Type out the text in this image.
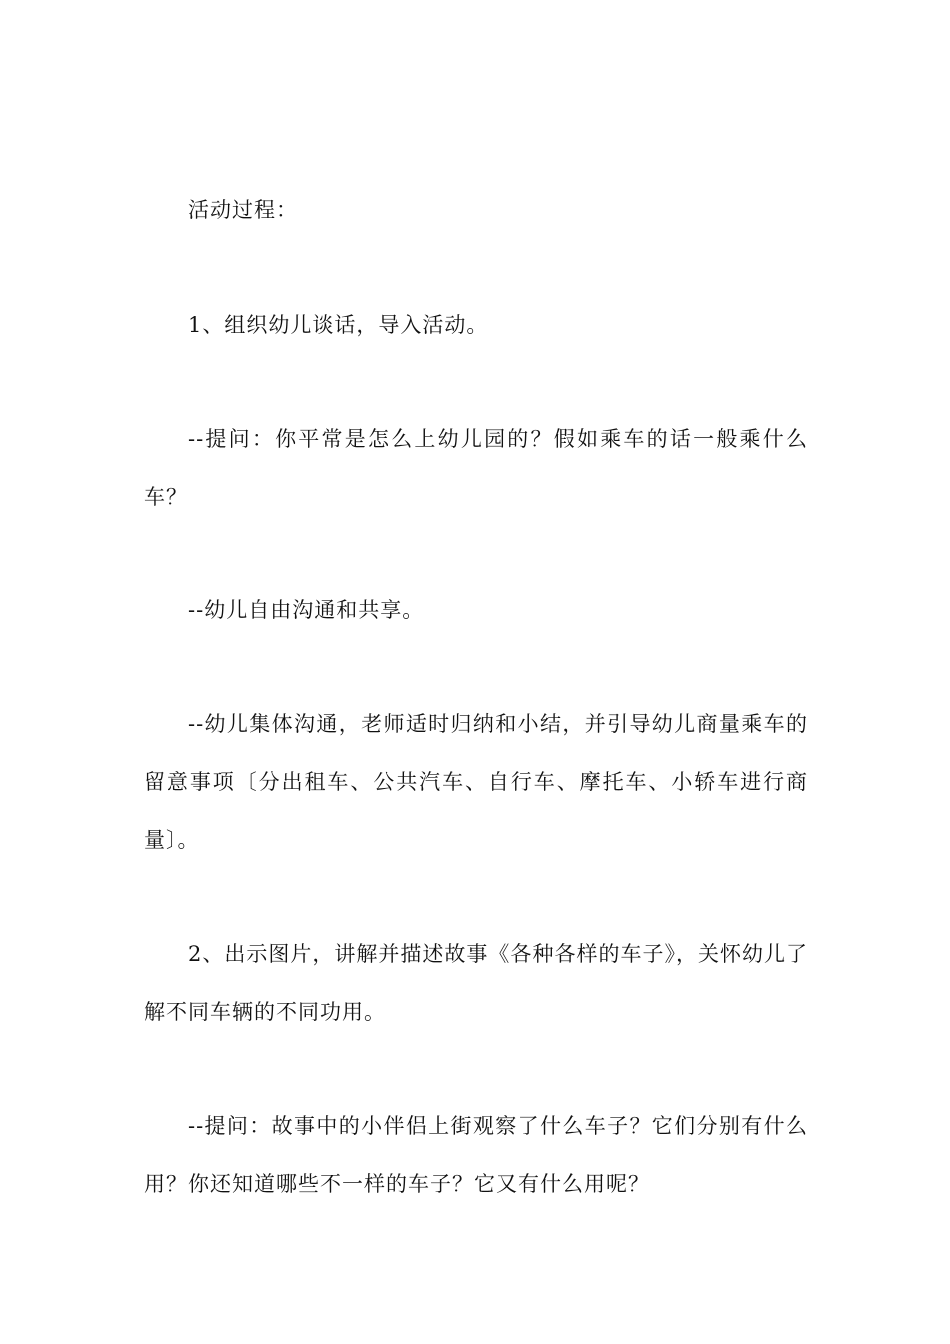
活动过程：

1、组织幼儿谈话，导入活动。

--提问：你平常是怎么上幼儿园的？假如乘车的话一般乘什么车？

--幼儿自由沟通和共享。

--幼儿集体沟通，老师适时归纳和小结，并引导幼儿商量乘车的留意事项〔分出租车、公共汽车、自行车、摩托车、小轿车进行商量〕。

2、出示图片，讲解并描述故事《各种各样的车子》，关怀幼儿了解不同车辆的不同功用。

--提问：故事中的小伴侣上街观察了什么车子？它们分别有什么用？你还知道哪些不一样的车子？它又有什么用呢？
